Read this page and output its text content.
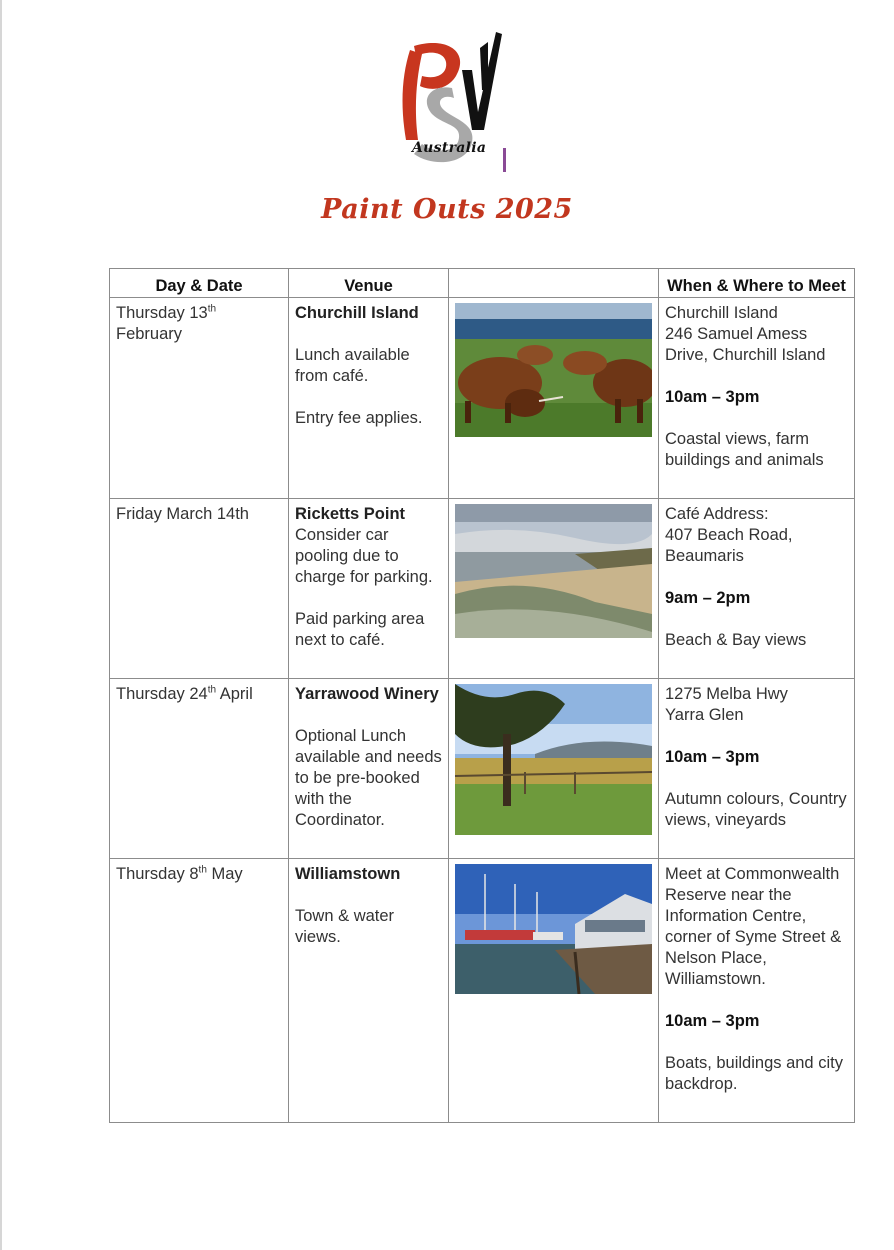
Australia
Paint Outs 2025
Day & Date	Venue		When & Where to Meet
Thursday 13th February	Churchill Island
Lunch available from café.
Entry fee applies.		Churchill Island
246 Samuel Amess Drive, Churchill Island
10am – 3pm
Coastal views, farm buildings and animals

Friday March 14th	Ricketts Point
Consider car pooling due to charge for parking.
Paid parking area next to café.		Café Address:
407 Beach Road, Beaumaris
9am – 2pm
Beach & Bay views

Thursday 24th April	Yarrawood Winery
Optional Lunch available and needs to be pre-booked with the Coordinator.		1275 Melba Hwy
Yarra Glen
10am – 3pm
Autumn colours, Country views, vineyards

Thursday 8th May	Williamstown
Town & water views.		Meet at Commonwealth Reserve near the Information Centre, corner of Syme Street & Nelson Place, Williamstown.
10am – 3pm
Boats, buildings and city backdrop.
